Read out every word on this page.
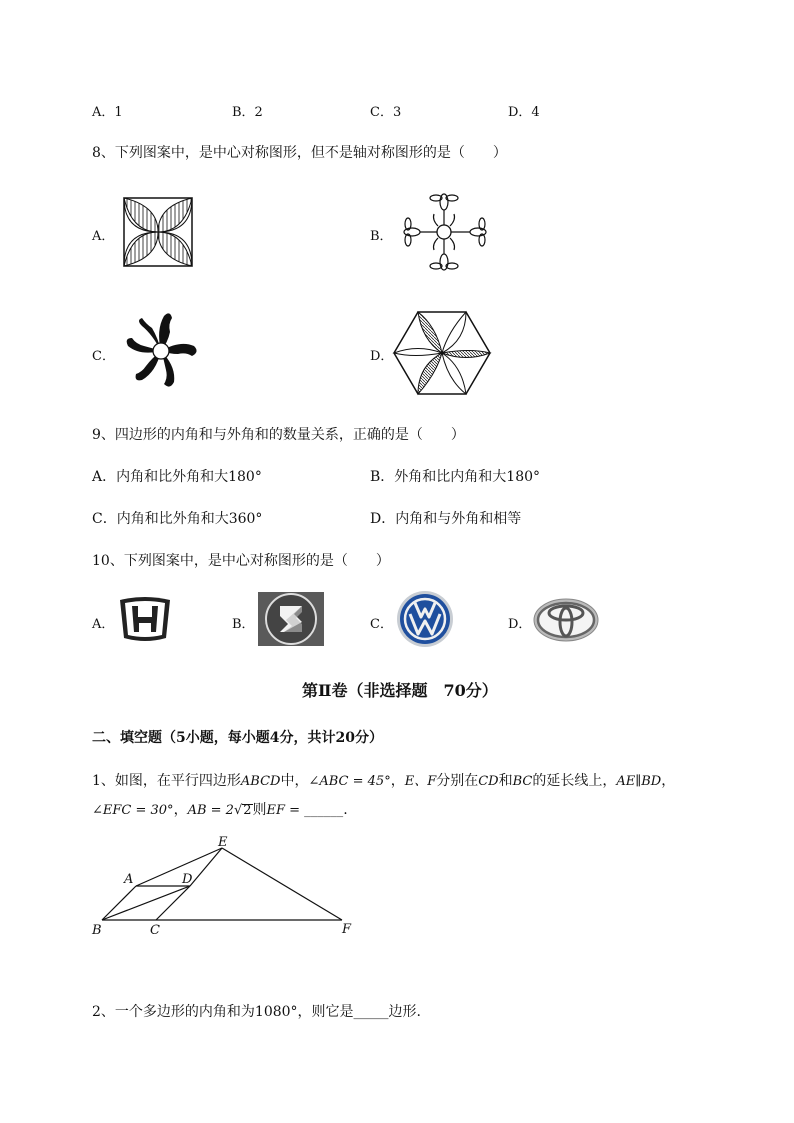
A．1	B．2	C．3	D．4
8、下列图案中，是中心对称图形，但不是轴对称图形的是（　　）
A．	B．
C．	D．
9、四边形的内角和与外角和的数量关系，正确的是（　　）
A．内角和比外角和大180°	B．外角和比内角和大180°
C．内角和比外角和大360°	D．内角和与外角和相等
10、下列图案中，是中心对称图形的是（　　）
A．	B．	C．	D．
第Ⅱ卷（非选择题　70分）
二、填空题（5小题，每小题4分，共计20分）
1、如图，在平行四边形ABCD中，∠ABC = 45°，E、F分别在CD和BC的延长线上，AE∥BD，
∠EFC = 30°，AB = 2√2则EF = ______.
E
A	D
B	C	F
2、一个多边形的内角和为1080°，则它是_____边形.
